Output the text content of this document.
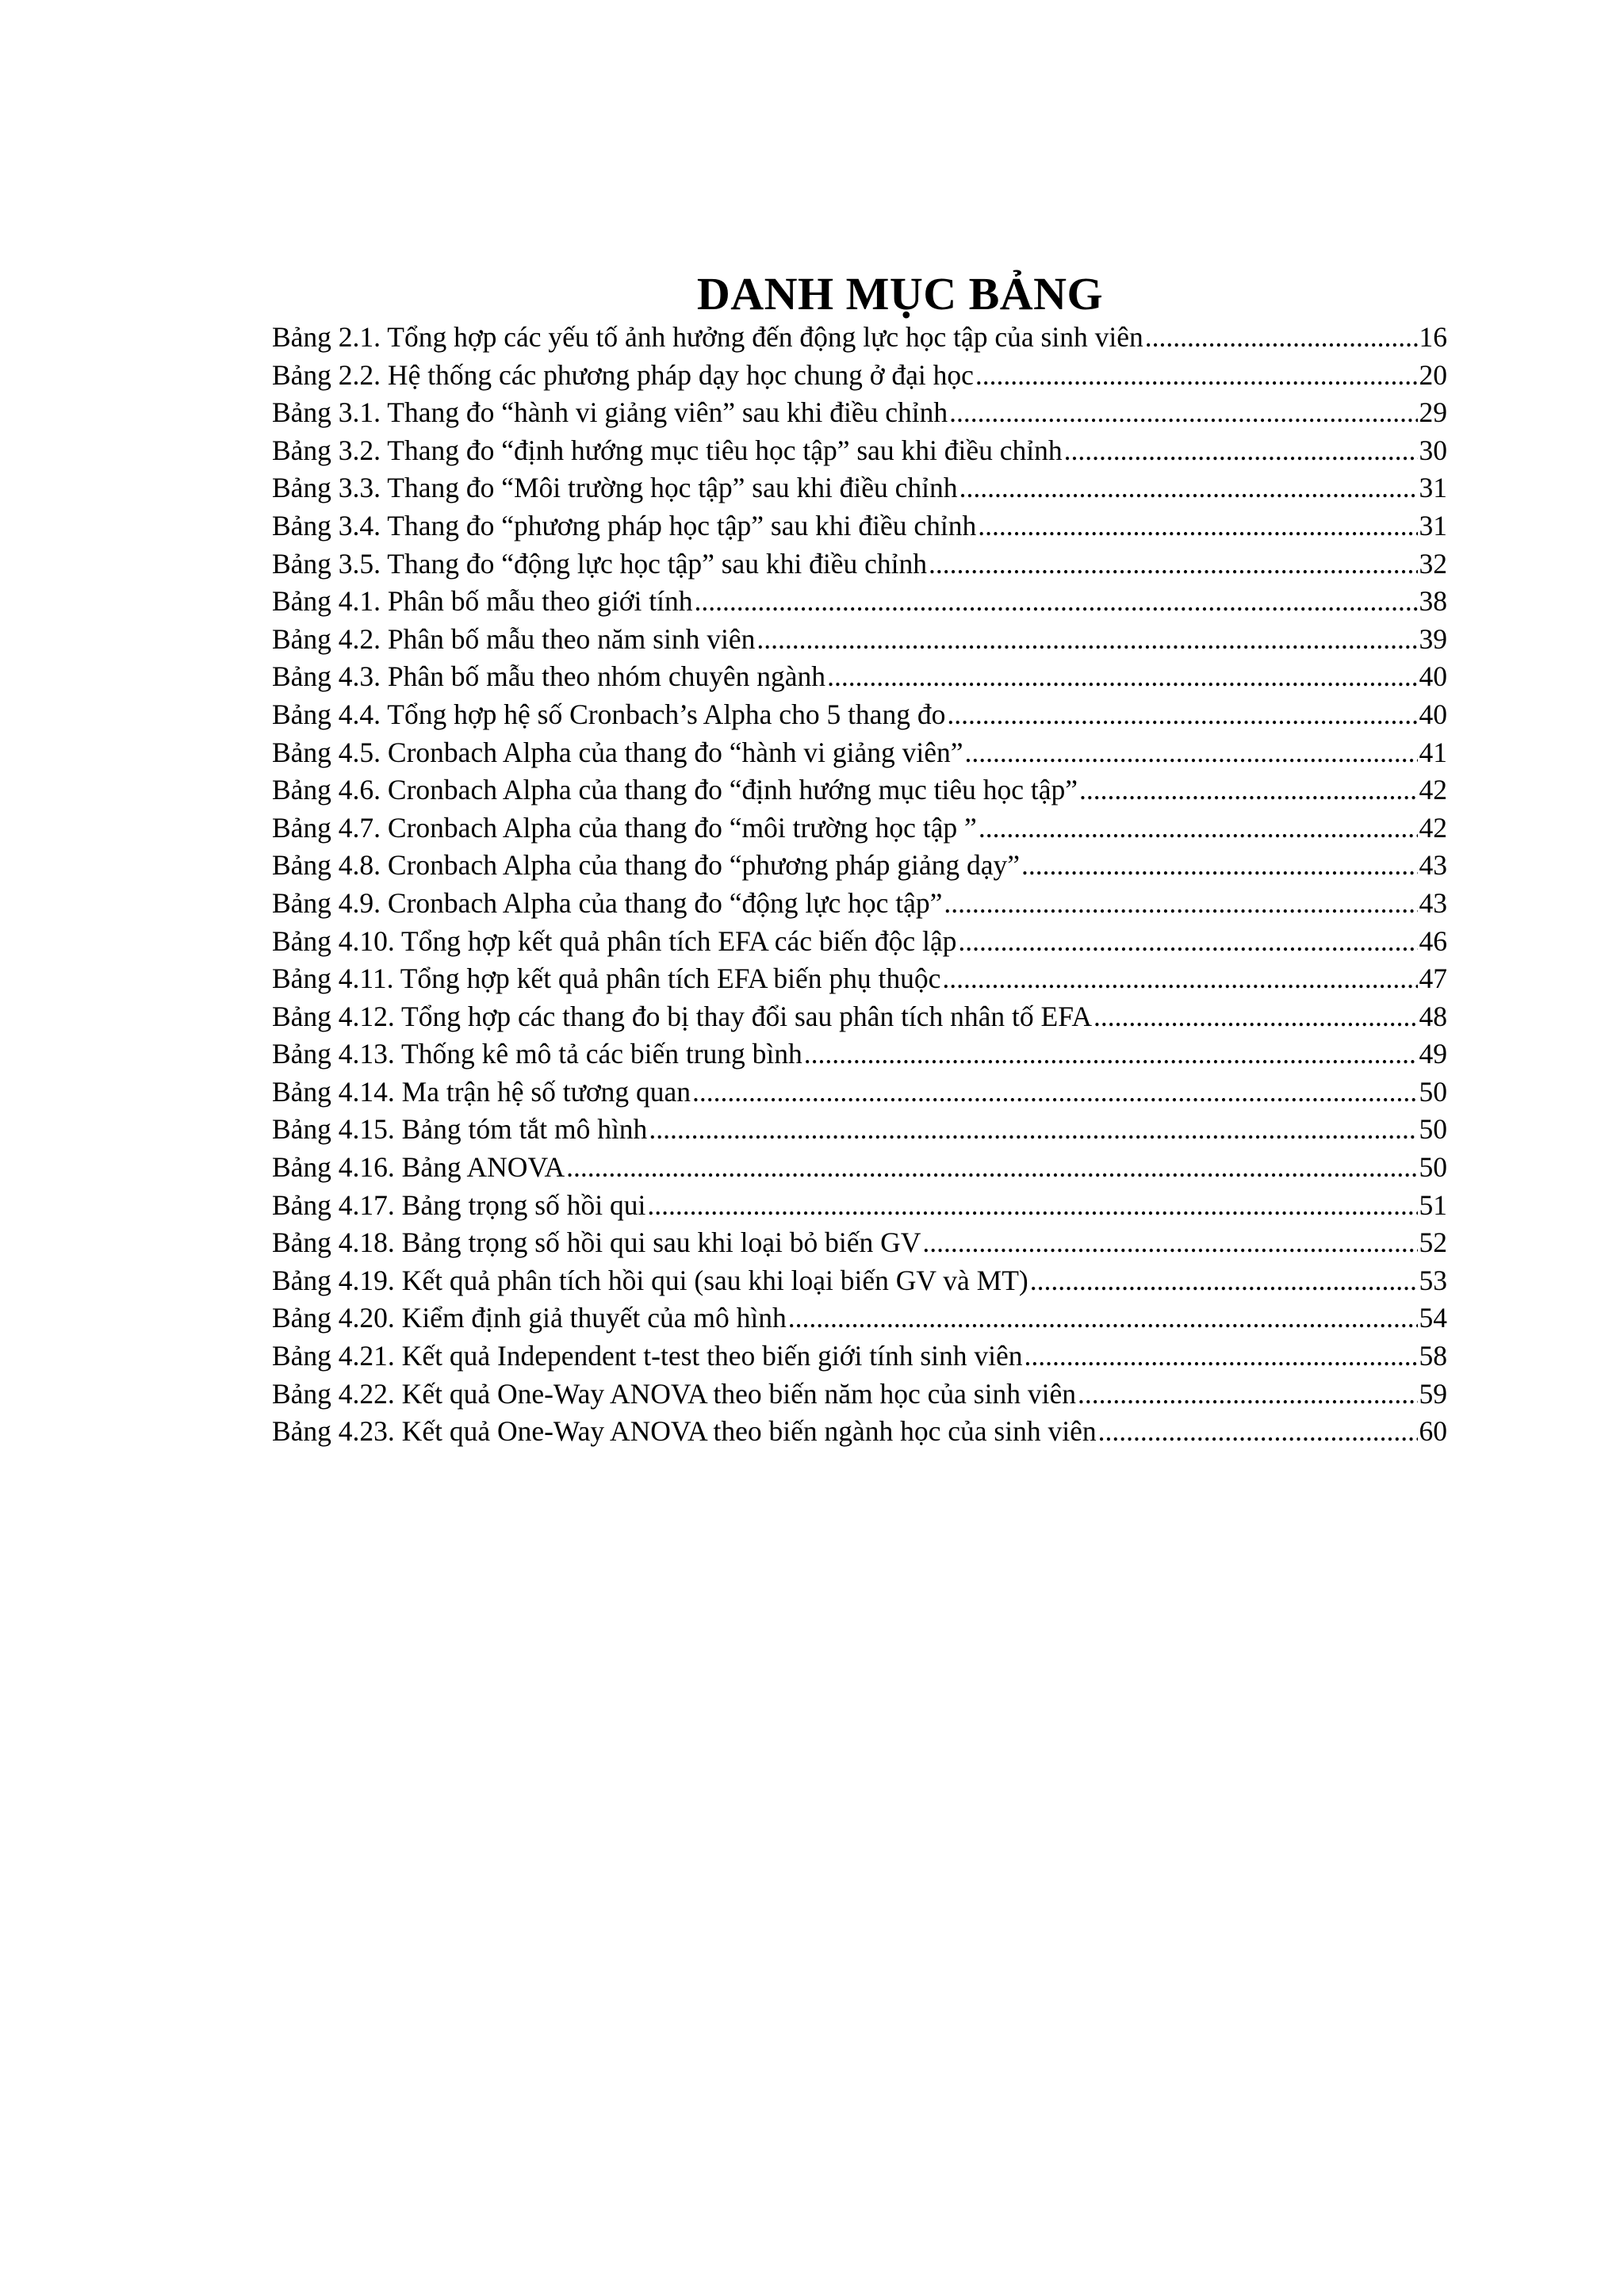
DANH MỤC BẢNG
Bảng 2.1. Tổng hợp các yếu tố ảnh hưởng đến động lực học tập của sinh viên .....	16
Bảng 2.2. Hệ thống các phương pháp dạy học chung ở đại học .....	20
Bảng 3.1. Thang đo “hành vi giảng viên” sau khi điều chỉnh .....	29
Bảng 3.2. Thang đo “định hướng mục tiêu học tập” sau khi điều chỉnh .....	30
Bảng 3.3. Thang đo “Môi trường học tập” sau khi điều chỉnh .....	31
Bảng 3.4. Thang đo “phương pháp học tập” sau khi điều chỉnh .....	31
Bảng 3.5. Thang đo “động lực học tập” sau khi điều chỉnh .....	32
Bảng 4.1. Phân bố mẫu theo giới tính .....	38
Bảng 4.2. Phân bố mẫu theo năm sinh viên .....	39
Bảng 4.3. Phân bố mẫu theo nhóm chuyên ngành .....	40
Bảng 4.4. Tổng hợp hệ số Cronbach’s Alpha cho 5 thang đo .....	40
Bảng 4.5. Cronbach Alpha của thang đo “hành vi giảng viên” .....	41
Bảng 4.6. Cronbach Alpha của thang đo “định hướng mục tiêu học tập” .....	42
Bảng 4.7. Cronbach Alpha của thang đo “môi trường học tập ” .....	42
Bảng 4.8. Cronbach Alpha của thang đo “phương pháp giảng dạy” .....	43
Bảng 4.9. Cronbach Alpha của thang đo “động lực học tập” .....	43
Bảng 4.10. Tổng hợp kết quả phân tích EFA các biến độc lập .....	46
Bảng 4.11. Tổng hợp kết quả phân tích EFA biến phụ thuộc .....	47
Bảng 4.12. Tổng hợp các thang đo bị thay đổi sau phân tích nhân tố EFA .....	48
Bảng 4.13. Thống kê mô tả các biến trung bình .....	49
Bảng 4.14. Ma trận hệ số tương quan .....	50
Bảng 4.15. Bảng tóm tắt mô hình .....	50
Bảng 4.16. Bảng ANOVA .....	50
Bảng 4.17. Bảng trọng số hồi qui .....	51
Bảng 4.18. Bảng trọng số hồi qui sau khi loại bỏ biến GV .....	52
Bảng 4.19. Kết quả phân tích hồi qui (sau khi loại biến GV và MT) .....	53
Bảng 4.20. Kiểm định giả thuyết của mô hình .....	54
Bảng 4.21. Kết quả Independent t-test theo biến giới tính sinh viên .....	58
Bảng 4.22. Kết quả One-Way ANOVA theo biến năm học của sinh viên .....	59
Bảng 4.23. Kết quả One-Way ANOVA theo biến ngành học của sinh viên .....	60
